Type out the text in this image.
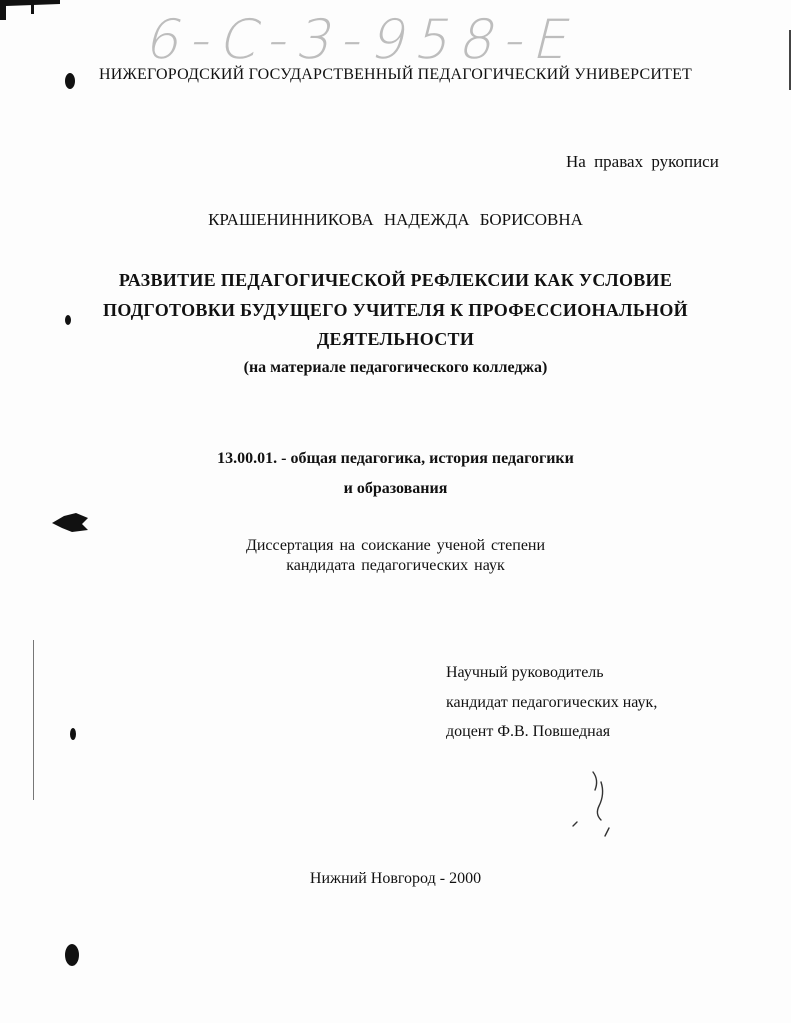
6-С-3-958-Е
НИЖЕГОРОДСКИЙ ГОСУДАРСТВЕННЫЙ ПЕДАГОГИЧЕСКИЙ УНИВЕРСИТЕТ
На правах рукописи
КРАШЕНИННИКОВА НАДЕЖДА БОРИСОВНА
РАЗВИТИЕ ПЕДАГОГИЧЕСКОЙ РЕФЛЕКСИИ КАК УСЛОВИЕ
ПОДГОТОВКИ БУДУЩЕГО УЧИТЕЛЯ К ПРОФЕССИОНАЛЬНОЙ
ДЕЯТЕЛЬНОСТИ
(на материале педагогического колледжа)
13.00.01. - общая педагогика, история педагогики
и образования
Диссертация на соискание ученой степени
кандидата педагогических наук
Научный руководитель
кандидат педагогических наук,
доцент Ф.В. Повшедная
Нижний Новгород - 2000
